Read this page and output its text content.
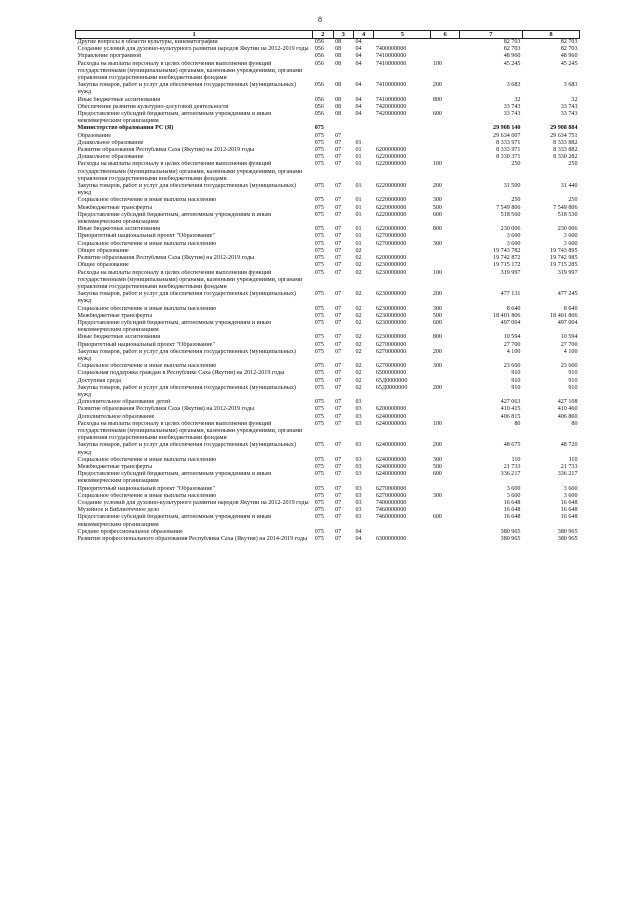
8
1	2	3	4	5	6	7	8
Другие вопросы в области культуры, кинематографии	056	08	04			82 703	82 703
Создание условий для духовно-культурного развития народов Якутии на 2012-2019 годы	056	08	04	7400000000		82 703	82 703
Управление программой	056	08	04	7410000000		48 960	48 960
Расходы на выплаты персоналу в целях обеспечения выполнения функций государственными (муниципальными) органами, казенными учреждениями, органами управления государственными внебюджетными фондами	056	08	04	7410000000	100	45 245	45 245
Закупка товаров, работ и услуг для обеспечения государственных (муниципальных) нужд	056	08	04	7410000000	200	3 683	3 683
Иные бюджетные ассигнования	056	08	04	7410000000	800	32	32
Обеспечение развития культурно-досуговой деятельности	056	08	04	7420000000		33 743	33 743
Предоставление субсидий бюджетным, автономным учреждениям и иным некоммерческим организациям	056	08	04	7420000000	600	33 743	33 743
Министерство образования РС (Я)	075					29 908 140	29 908 884
Образование	075	07				29 634 007	29 634 751
Дошкольное образование	075	07	01			8 333 971	8 333 882
Развитие образования Республики Саха (Якутия) на 2012-2019 годы	075	07	01	6200000000		8 333 971	8 333 882
Дошкольное образование	075	07	01	6220000000		8 330 371	8 330 282
Расходы на выплаты персоналу в целях обеспечения выполнения функций государственными (муниципальными) органами, казенными учреждениями, органами управления государственными внебюджетными фондами	075	07	01	6220000000	100	250	250
Закупка товаров, работ и услуг для обеспечения государственных (муниципальных) нужд	075	07	01	6220000000	200	31 500	31 440
Социальное обеспечение и иные выплаты населению	075	07	01	6220000000	300	250	250
Межбюджетные трансферты	075	07	01	6220000000	500	7 549 806	7 549 806
Предоставление субсидий бюджетным, автономным учреждениям и иным некоммерческим организациям	075	07	01	6220000000	600	518 560	518 530
Иные бюджетные ассигнования	075	07	01	6220000000	800	230 006	230 006
Приоритетный национальный проект "Образование"	075	07	01	6270000000		3 600	3 600
Социальное обеспечение и иные выплаты населению	075	07	01	6270000000	300	3 600	3 600
Общее образование	075	07	02			19 743 782	19 743 895
Развитие образования Республики Саха (Якутия) на 2012-2019 годы	075	07	02	6200000000		19 742 872	19 742 985
Общее образование	075	07	02	6230000000		19 715 172	19 715 285
Расходы на выплаты персоналу в целях обеспечения выполнения функций государственными (муниципальными) органами, казенными учреждениями, органами управления государственными внебюджетными фондами	075	07	02	6230000000	100	319 997	319 997
Закупка товаров, работ и услуг для обеспечения государственных (муниципальных) нужд	075	07	02	6230000000	200	477 131	477 245
Социальное обеспечение и иные выплаты населению	075	07	02	6230000000	300	8 640	8 640
Межбюджетные трансферты	075	07	02	6230000000	500	18 401 806	18 401 806
Предоставление субсидий бюджетным, автономным учреждениям и иным некоммерческим организациям	075	07	02	6230000000	600	497 004	497 004
Иные бюджетные ассигнования	075	07	02	6230000000	800	10 594	10 594
Приоритетный национальный проект "Образование"	075	07	02	6270000000		27 700	27 700
Закупка товаров, работ и услуг для обеспечения государственных (муниципальных) нужд	075	07	02	6270000000	200	4 100	4 100
Социальное обеспечение и иные выплаты населению	075	07	02	6270000000	300	23 600	23 600
Социальная поддержка граждан в Республике Саха (Якутия) на 2012-2019 годы	075	07	02	6500000000		910	910
Доступная среда	075	07	02	65Д0000000		910	910
Закупка товаров, работ и услуг для обеспечения государственных (муниципальных) нужд	075	07	02	65Д0000000	200	910	910
Дополнительное образование детей	075	07	03			427 063	427 108
Развитие образования Республики Саха (Якутия) на 2012-2019 годы	075	07	03	6200000000		410 415	410 460
Дополнительное образование	075	07	03	6240000000		406 815	406 860
Расходы на выплаты персоналу в целях обеспечения выполнения функций государственными (муниципальными) органами, казенными учреждениями, органами управления государственными внебюджетными фондами	075	07	03	6240000000	100	80	80
Закупка товаров, работ и услуг для обеспечения государственных (муниципальных) нужд	075	07	03	6240000000	200	48 675	48 720
Социальное обеспечение и иные выплаты населению	075	07	03	6240000000	300	110	110
Межбюджетные трансферты	075	07	03	6240000000	500	21 733	21 733
Предоставление субсидий бюджетным, автономным учреждениям и иным некоммерческим организациям	075	07	03	6240000000	600	336 217	336 217
Приоритетный национальный проект "Образование"	075	07	03	6270000000		3 600	3 600
Социальное обеспечение и иные выплаты населению	075	07	03	6270000000	300	3 600	3 600
Создание условий для духовно-культурного развития народов Якутии на 2012-2019 годы	075	07	03	7400000000		16 648	16 648
Музейное и Библиотечное дело	075	07	03	7460000000		16 648	16 648
Предоставление субсидий бюджетным, автономным учреждениям и иным некоммерческим организациям	075	07	03	7460000000	600	16 648	16 648
Среднее профессиональное образование	075	07	04			380 965	380 965
Развитие профессионального образования Республики Саха (Якутия) на 2014-2019 годы	075	07	04	6300000000		380 965	380 965
